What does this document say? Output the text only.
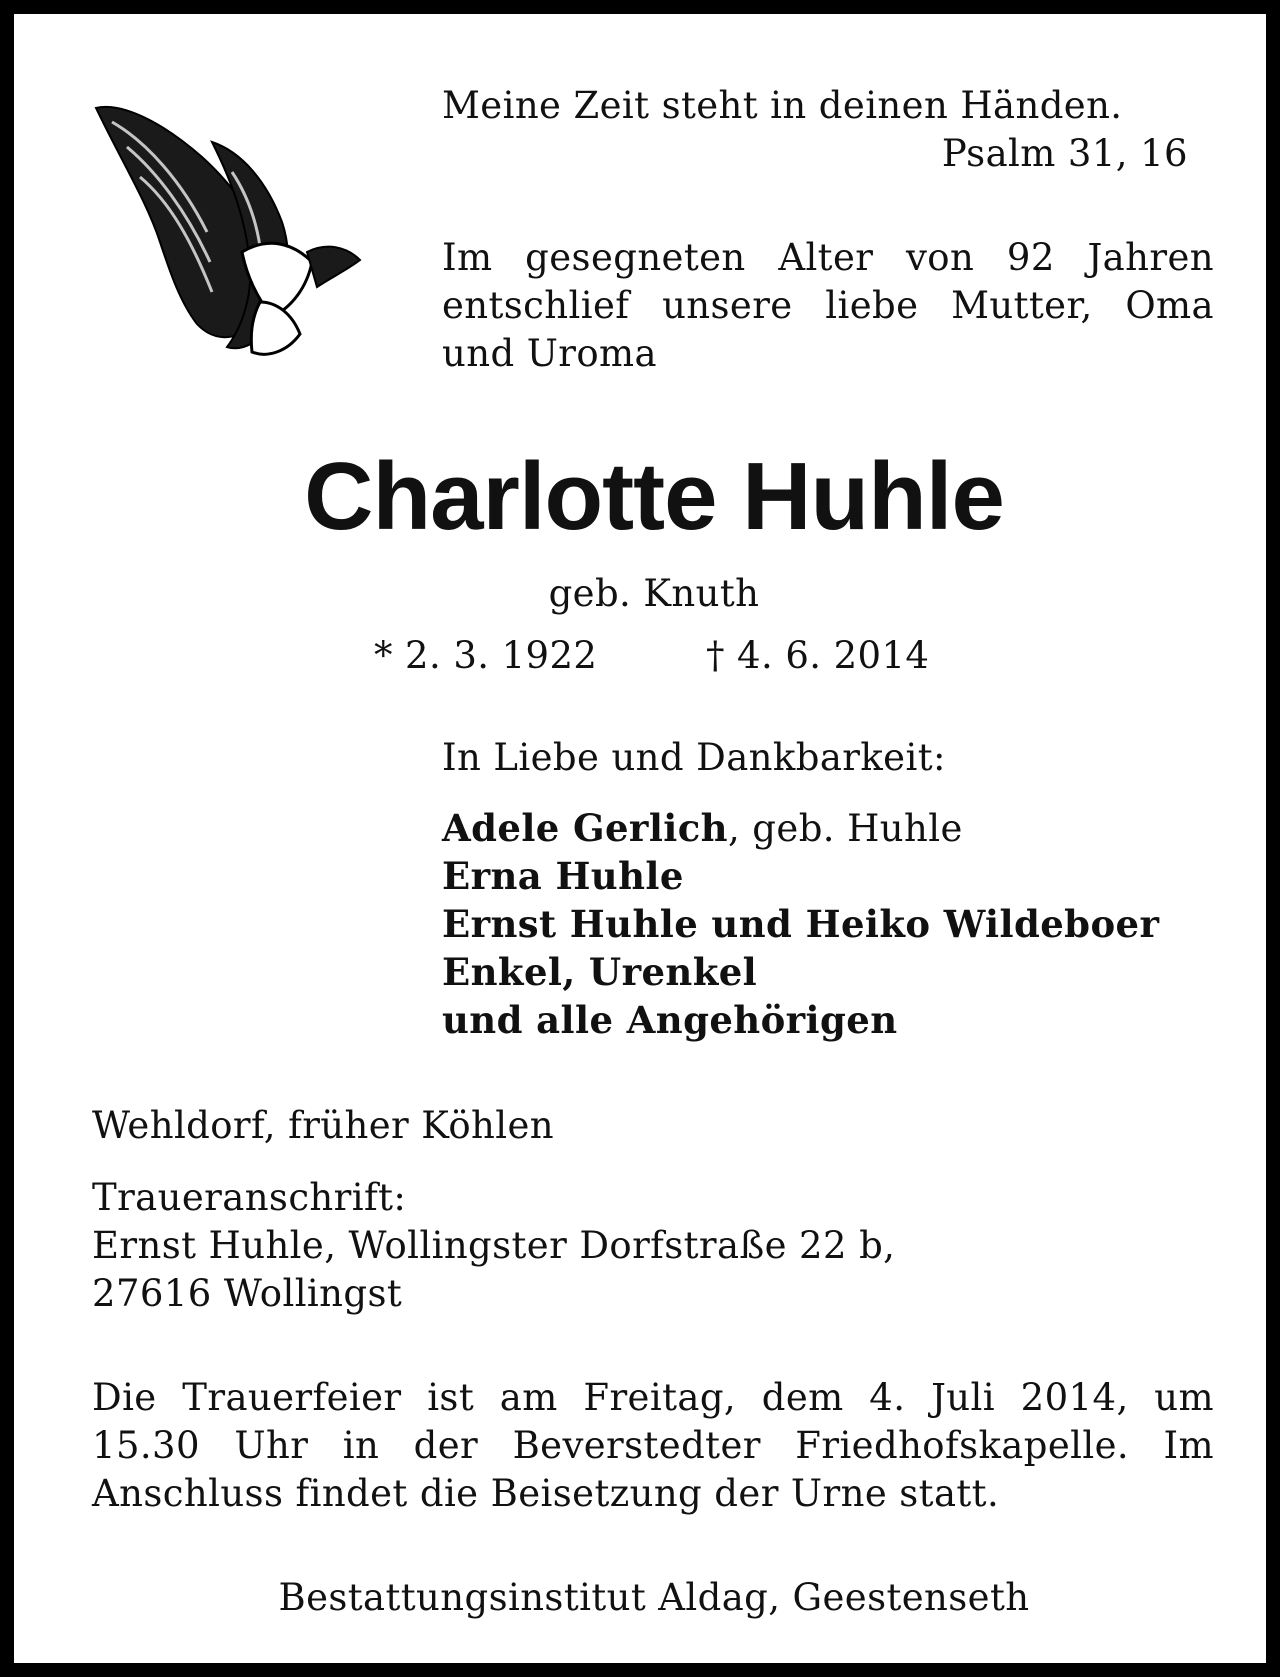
Meine Zeit steht in deinen Händen.
Psalm 31, 16
Im gesegneten Alter von 92 Jahren
entschlief unsere liebe Mutter, Oma
und Uroma
Charlotte Huhle
geb. Knuth
* 2. 3. 1922	† 4. 6. 2014
In Liebe und Dankbarkeit:
Adele Gerlich, geb. Huhle
Erna Huhle
Ernst Huhle und Heiko Wildeboer
Enkel, Urenkel
und alle Angehörigen
Wehldorf, früher Köhlen
Traueranschrift:
Ernst Huhle, Wollingster Dorfstraße 22 b,
27616 Wollingst
Die Trauerfeier ist am Freitag, dem 4. Juli 2014, um
15.30 Uhr in der Beverstedter Friedhofskapelle. Im
Anschluss findet die Beisetzung der Urne statt.
Bestattungsinstitut Aldag, Geestenseth
